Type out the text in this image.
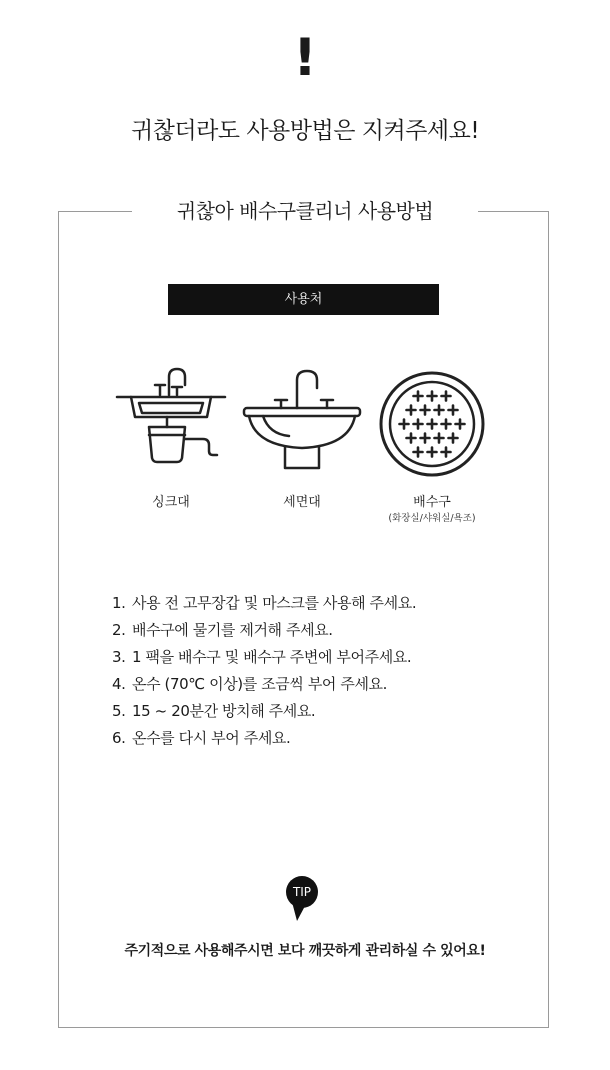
!
귀찮더라도 사용방법은 지켜주세요!
귀찮아 배수구클리너 사용방법
사용처
싱크대	세면대	배수구
(화장실/샤워실/욕조)
1. 사용 전 고무장갑 및 마스크를 사용해 주세요.
2. 배수구에 물기를 제거해 주세요.
3. 1 팩을 배수구 및 배수구 주변에 부어주세요.
4. 온수 (70℃ 이상)를 조금씩 부어 주세요.
5. 15 ~ 20분간 방치해 주세요.
6. 온수를 다시 부어 주세요.
TIP
주기적으로 사용해주시면 보다 깨끗하게 관리하실 수 있어요!
